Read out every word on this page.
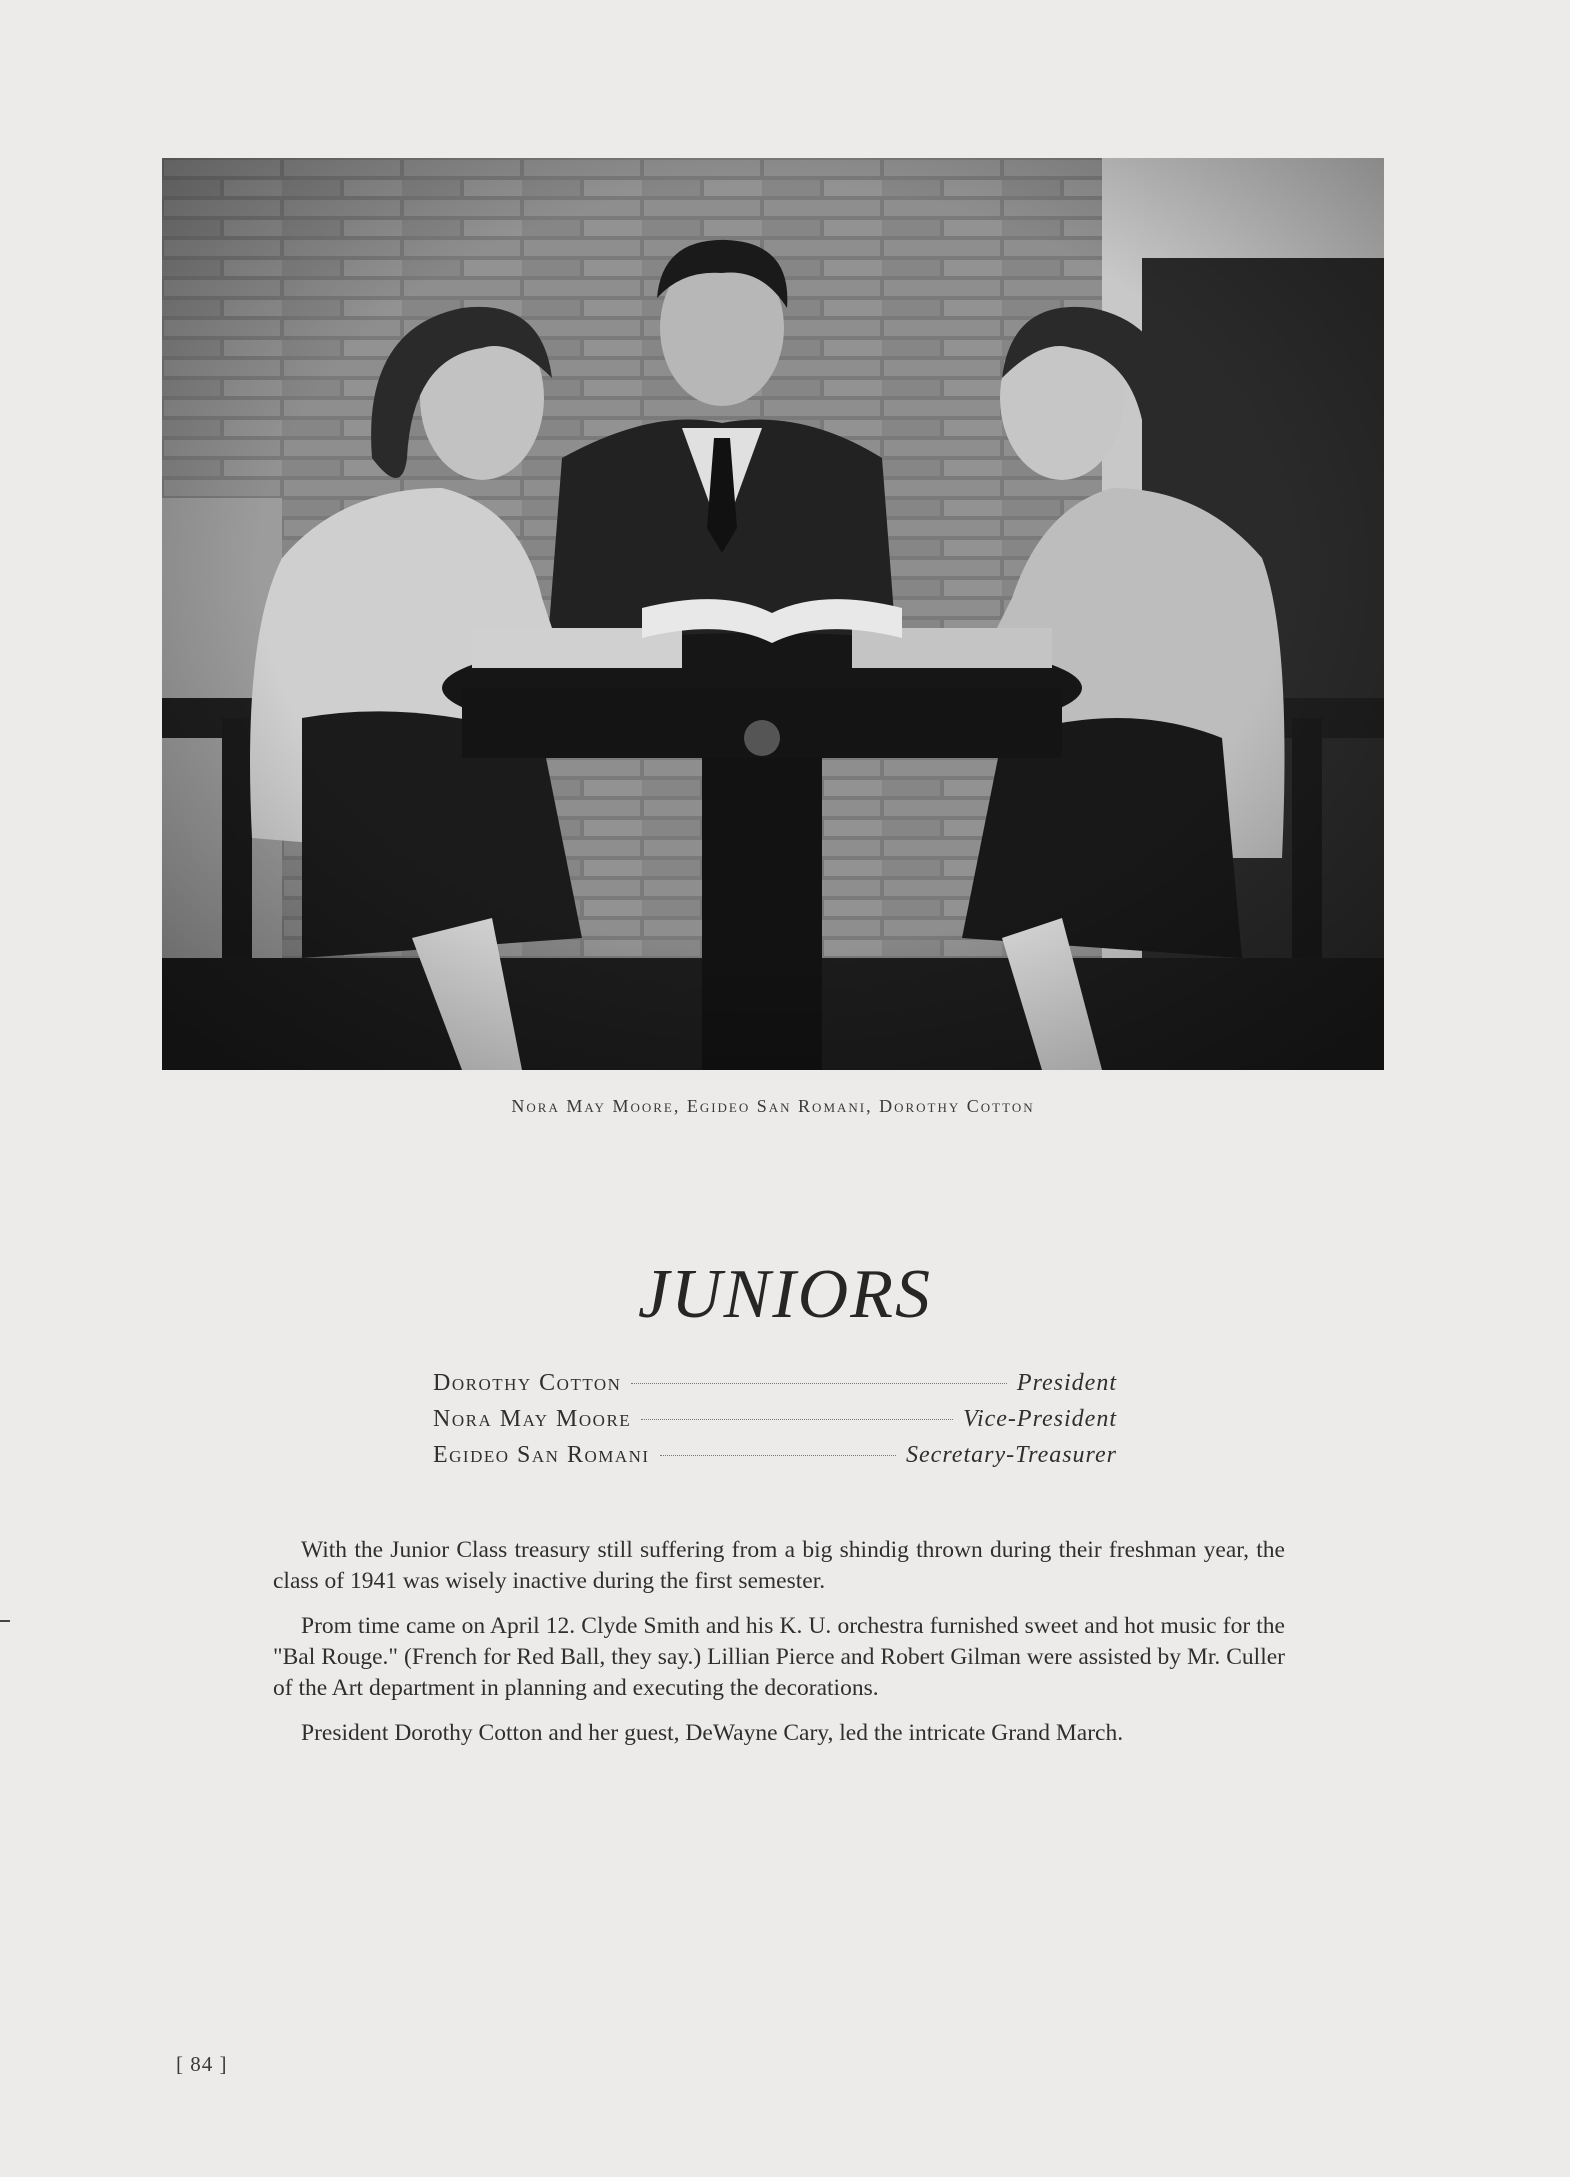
Nora May Moore, Egideo San Romani, Dorothy Cotton
JUNIORS
Dorothy Cotton	President
Nora May Moore	Vice-President
Egideo San Romani	Secretary-Treasurer

With the Junior Class treasury still suffering from a big shindig thrown during their freshman year, the class of 1941 was wisely inactive during the first semester.

Prom time came on April 12. Clyde Smith and his K. U. orchestra furnished sweet and hot music for the "Bal Rouge." (French for Red Ball, they say.) Lillian Pierce and Robert Gilman were assisted by Mr. Culler of the Art department in planning and executing the decorations.

President Dorothy Cotton and her guest, DeWayne Cary, led the intricate Grand March.

[ 84 ]
